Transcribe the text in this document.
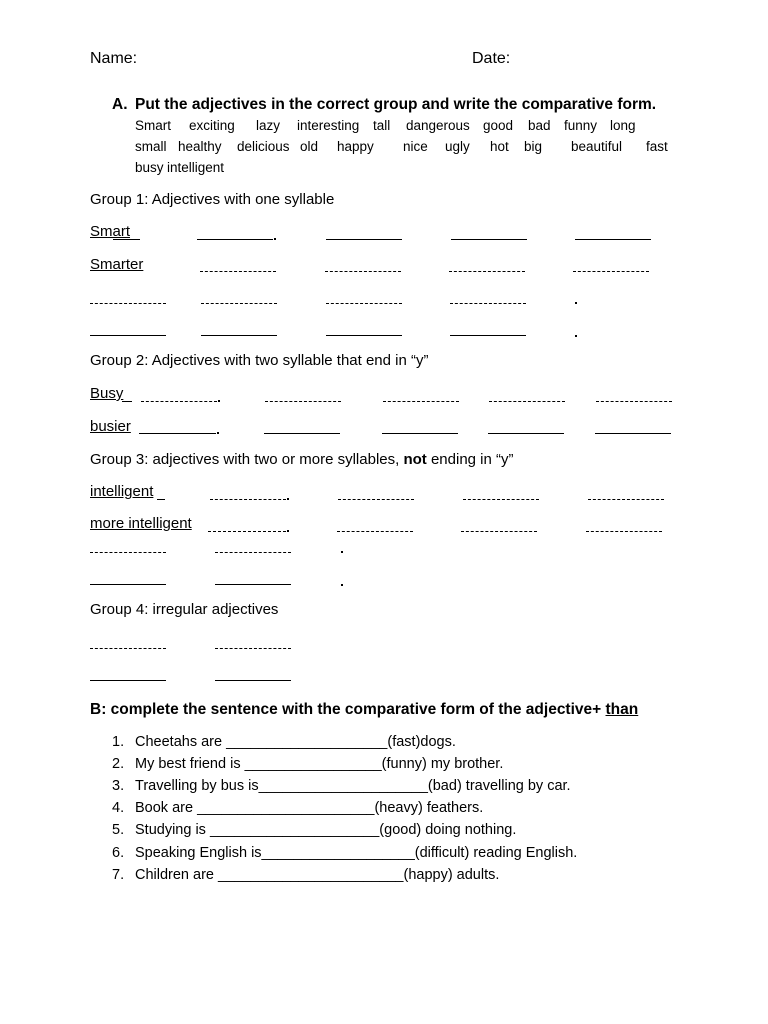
Name:	Date:
A. Put the adjectives in the correct group and write the comparative form.
Smart exciting lazy interesting tall dangerous good bad funny long
small healthy delicious old happy nice ugly hot big beautiful fast
busy intelligent
Group 1: Adjectives with one syllable
Smart
Smarter
Group 2: Adjectives with two syllable that end in “y”
Busy
busier
Group 3: adjectives with two or more syllables, not ending in “y”
intelligent
more intelligent
Group 4: irregular adjectives
B: complete the sentence with the comparative form of the adjective+ than
1. Cheetahs are ____________________(fast)dogs.
2. My best friend is _________________(funny) my brother.
3. Travelling by bus is_____________________(bad) travelling by car.
4. Book are ______________________(heavy) feathers.
5. Studying is _____________________(good) doing nothing.
6. Speaking English is___________________(difficult) reading English.
7. Children are _______________________(happy) adults.
